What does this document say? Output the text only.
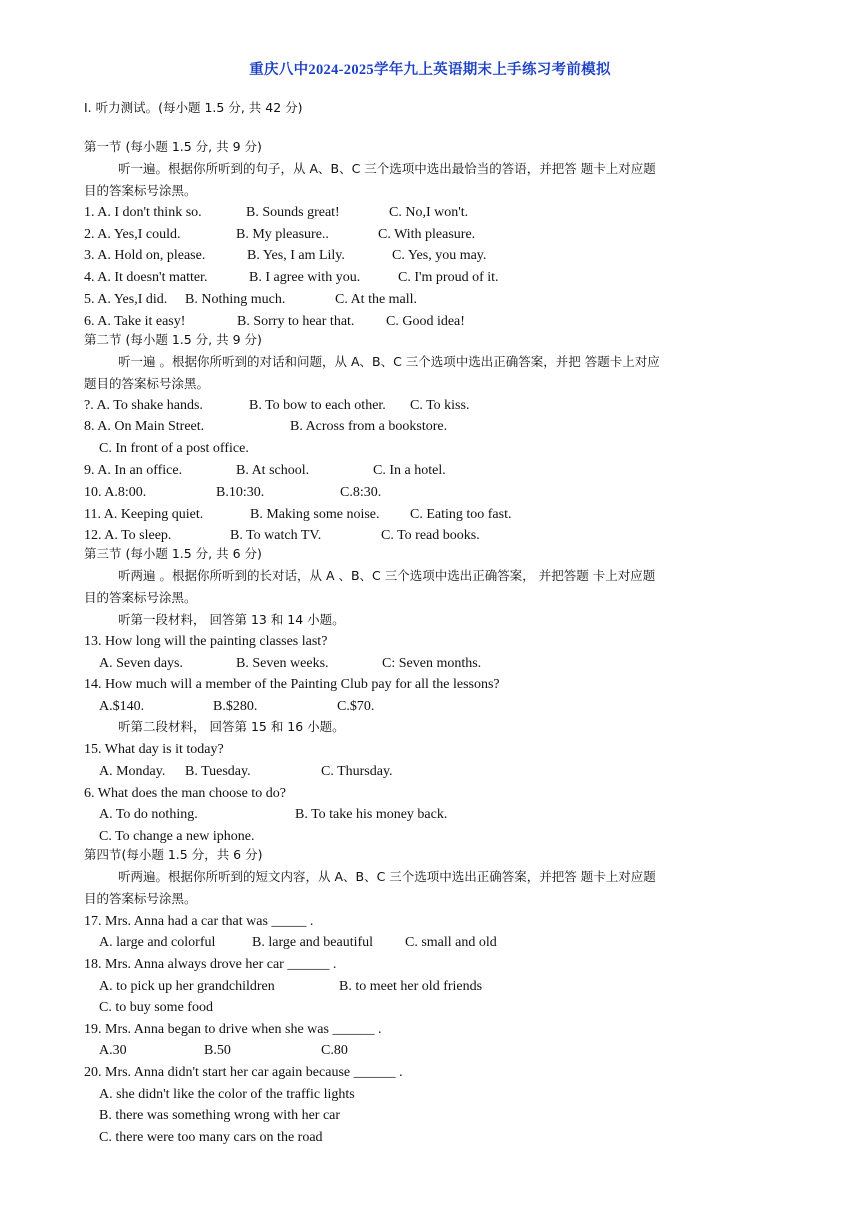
重庆八中2024-2025学年九上英语期末上手练习考前模拟
I. 听力测试。(每小题 1.5 分, 共 42 分)
第一节 (每小题 1.5 分, 共 9 分)
听一遍。根据你所听到的句子，从 A、B、C 三个选项中选出最恰当的答语，并把答 题卡上对应题
目的答案标号涂黑。
1. A. I don't think so.	B. Sounds great!	C. No,I won't.
2. A. Yes,I could.	B. My pleasure..	C. With pleasure.
3. A. Hold on, please.	B. Yes, I am Lily.	C. Yes, you may.
4. A. It doesn't matter.	B. I agree with you.	C. I'm proud of it.
5. A. Yes,I did. B. Nothing much.	C. At the mall.
6. A. Take it easy!	B. Sorry to hear that. C. Good idea!
第二节 (每小题 1.5 分, 共 9 分)
听一遍 。根据你所听到的对话和问题，从 A、B、C 三个选项中选出正确答案，并把 答题卡上对应
题目的答案标号涂黑。
?. A. To shake hands.	B. To bow to each other. C. To kiss.
8. A. On Main Street.	B. Across from a bookstore.
C. In front of a post office.
9. A. In an office.	B. At school.	C. In a hotel.
10. A.8:00.	B.10:30.	C.8:30.
11. A. Keeping quiet.	B. Making some noise. C. Eating too fast.
12. A. To sleep.	B. To watch TV.	C. To read books.
第三节 (每小题 1.5 分, 共 6 分)
听两遍 。根据你所听到的长对话，从 A 、B、C 三个选项中选出正确答案， 并把答题 卡上对应题
目的答案标号涂黑。
听第一段材料， 回答第 13 和 14 小题。
13. How long will the painting classes last?
A. Seven days.	B. Seven weeks.	C: Seven months.
14. How much will a member of the Painting Club pay for all the lessons?
A.$140.	B.$280.	C.$70.
听第二段材料， 回答第 15 和 16 小题。
15. What day is it today?
A. Monday. B. Tuesday.	C. Thursday.
6. What does the man choose to do?
A. To do nothing.	B. To take his money back.
C. To change a new iphone.
第四节(每小题 1.5 分，共 6 分)
听两遍。根据你所听到的短文内容，从 A、B、C 三个选项中选出正确答案，并把答 题卡上对应题
目的答案标号涂黑。
17. Mrs. Anna had a car that was _____ .
A. large and colorful	B. large and beautiful C. small and old
18. Mrs. Anna always drove her car ______ .
A. to pick up her grandchildren	B. to meet her old friends
C. to buy some food
19. Mrs. Anna began to drive when she was ______ .
A.30	B.50	C.80
20. Mrs. Anna didn't start her car again because ______ .
A. she didn't like the color of the traffic lights
B. there was something wrong with her car
C. there were too many cars on the road
